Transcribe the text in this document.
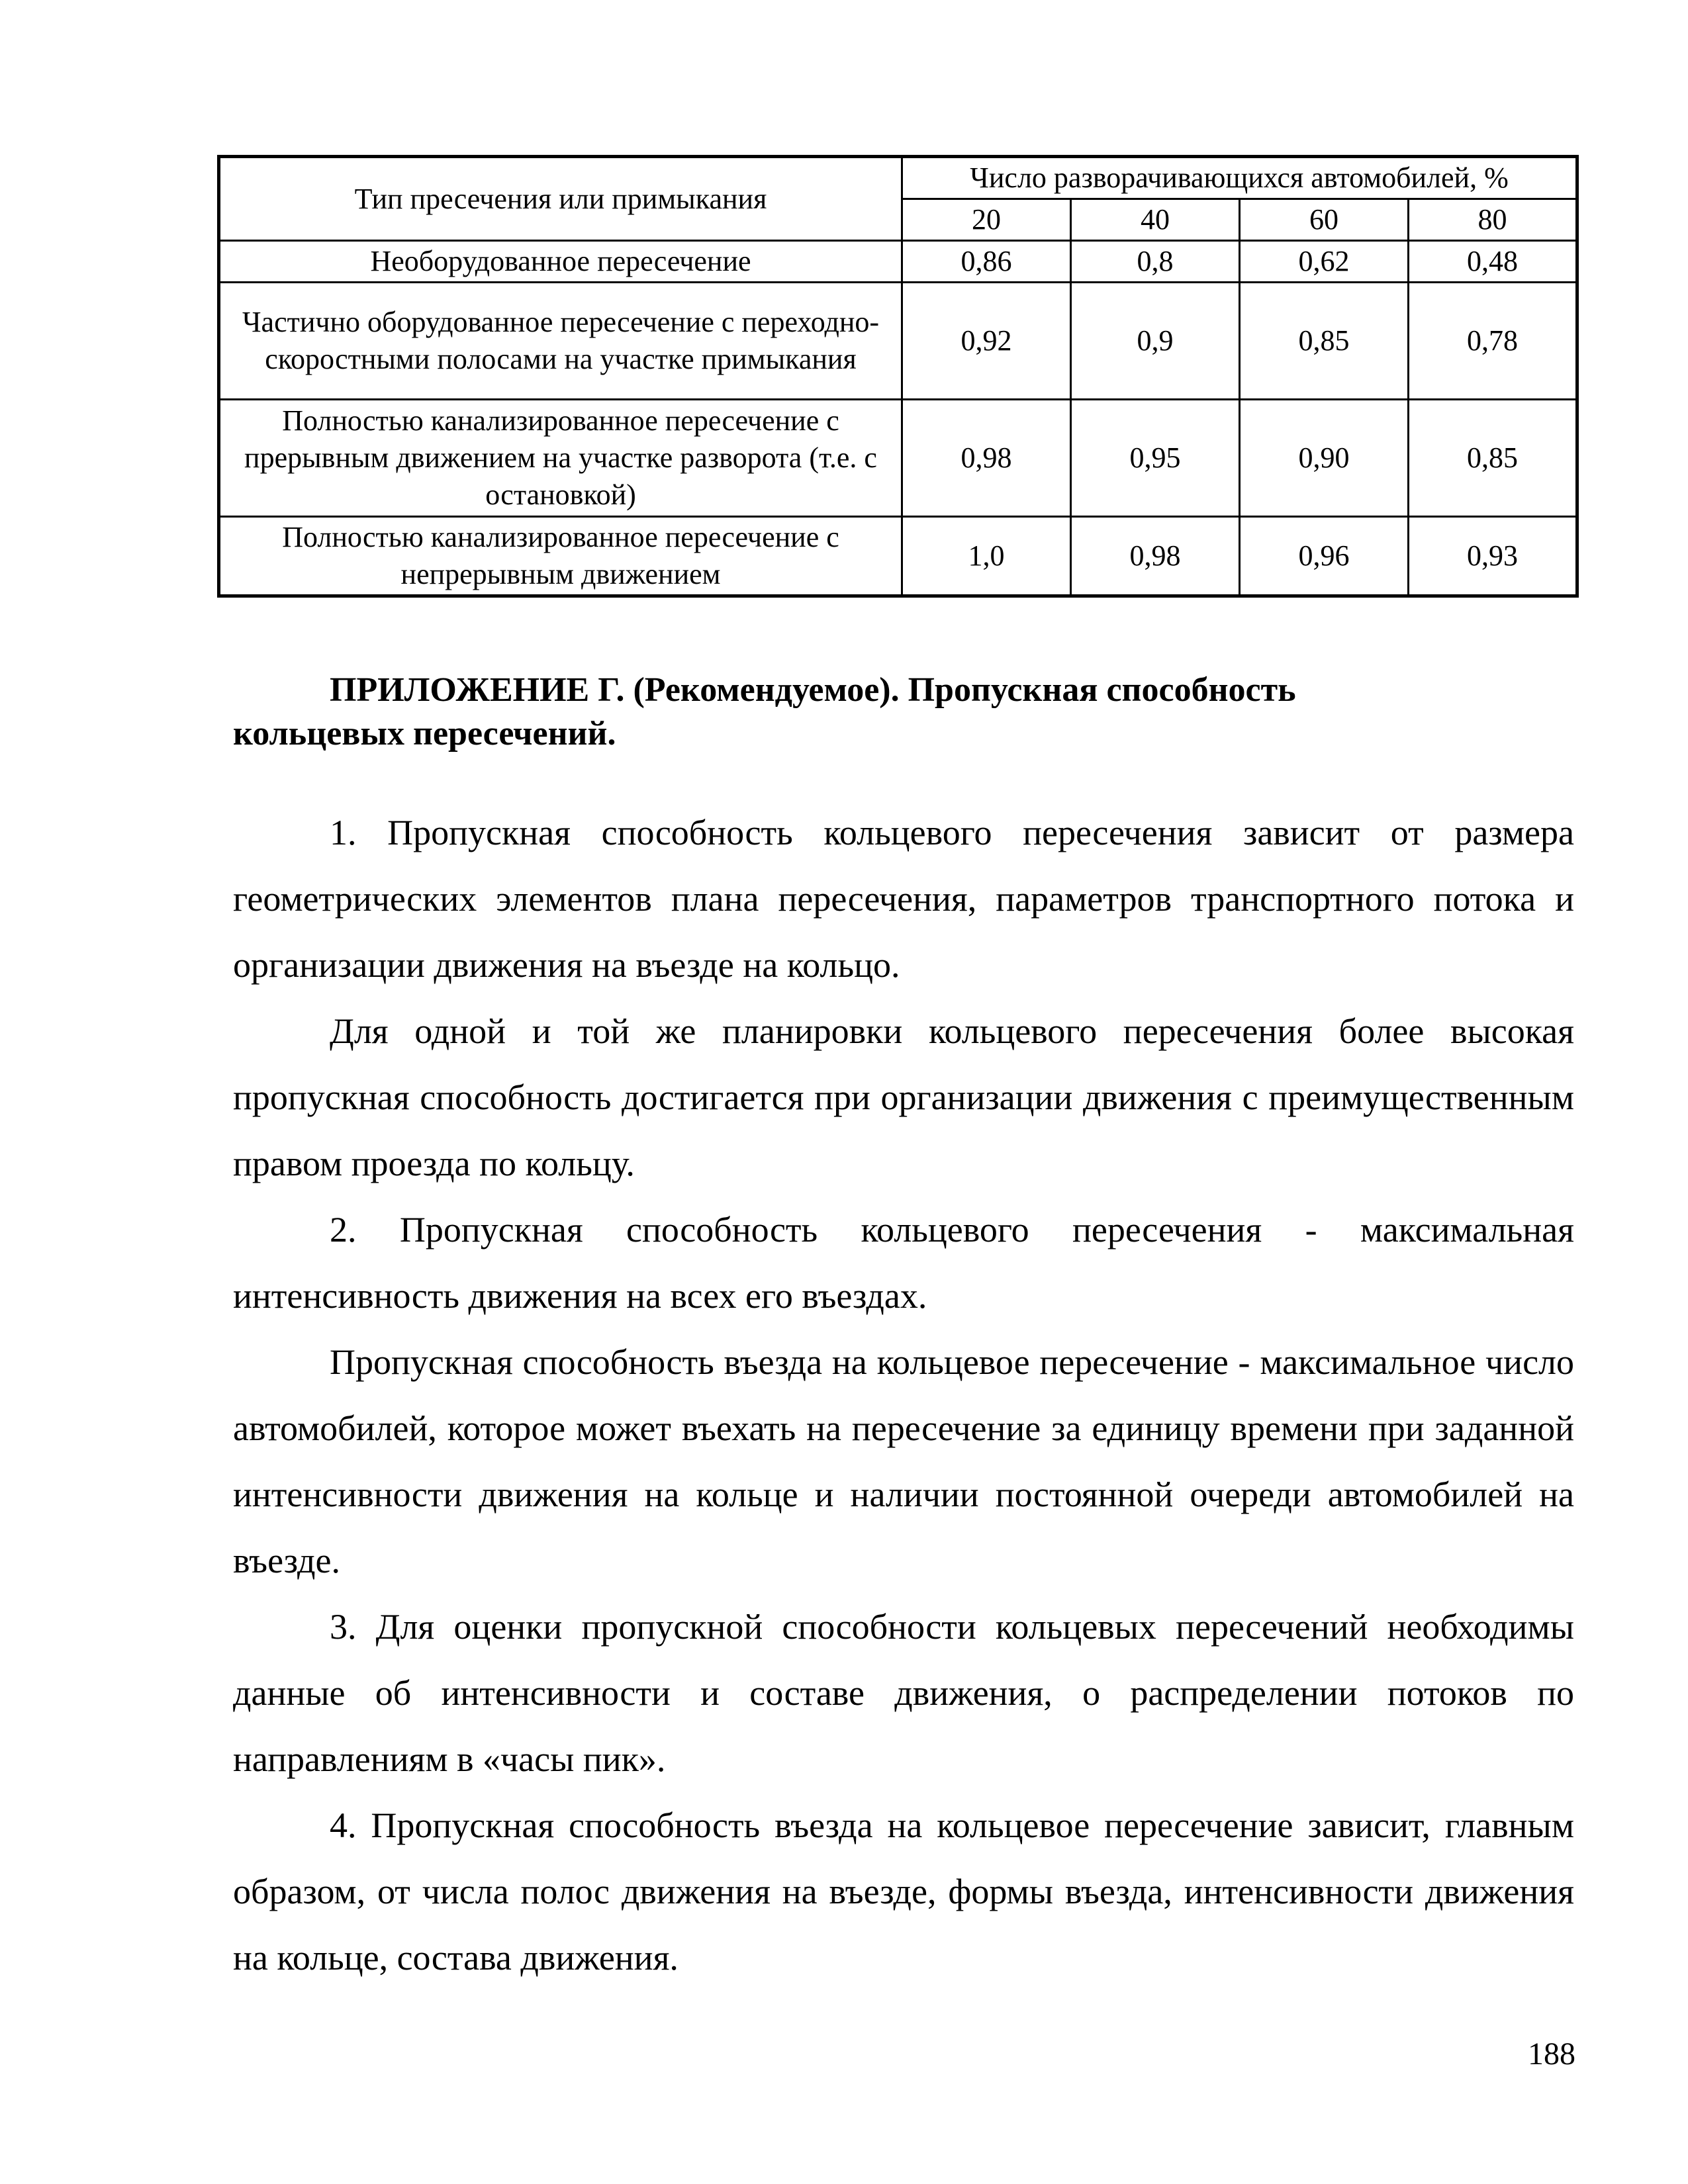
Тип пресечения или примыкания	Число разворачивающихся автомобилей, %			
	20	40	60	80
Необорудованное пересечение	0,86	0,8	0,62	0,48
Частично оборудованное пересечение с переходно-скоростными полосами на участке примыкания	0,92	0,9	0,85	0,78
Полностью канализированное пересечение с прерывным движением на участке разворота (т.е. с остановкой)	0,98	0,95	0,90	0,85
Полностью канализированное пересечение с непрерывным движением	1,0	0,98	0,96	0,93
ПРИЛОЖЕНИЕ Г. (Рекомендуемое). Пропускная способность
кольцевых пересечений.

1. Пропускная способность кольцевого пересечения зависит от размера геометрических элементов плана пересечения, параметров транспортного потока и организации движения на въезде на кольцо.

Для одной и той же планировки кольцевого пересечения более высокая пропускная способность достигается при организации движения с преимущественным правом проезда по кольцу.

2. Пропускная способность кольцевого пересечения - максимальная интенсивность движения на всех его въездах.

Пропускная способность въезда на кольцевое пересечение - максимальное число автомобилей, которое может въехать на пересечение за единицу времени при заданной интенсивности движения на кольце и наличии постоянной очереди автомобилей на въезде.

3. Для оценки пропускной способности кольцевых пересечений необходимы данные об интенсивности и составе движения, о распределении потоков по направлениям в «часы пик».

4. Пропускная способность въезда на кольцевое пересечение зависит, главным образом, от числа полос движения на въезде, формы въезда, интенсивности движения на кольце, состава движения.

188
